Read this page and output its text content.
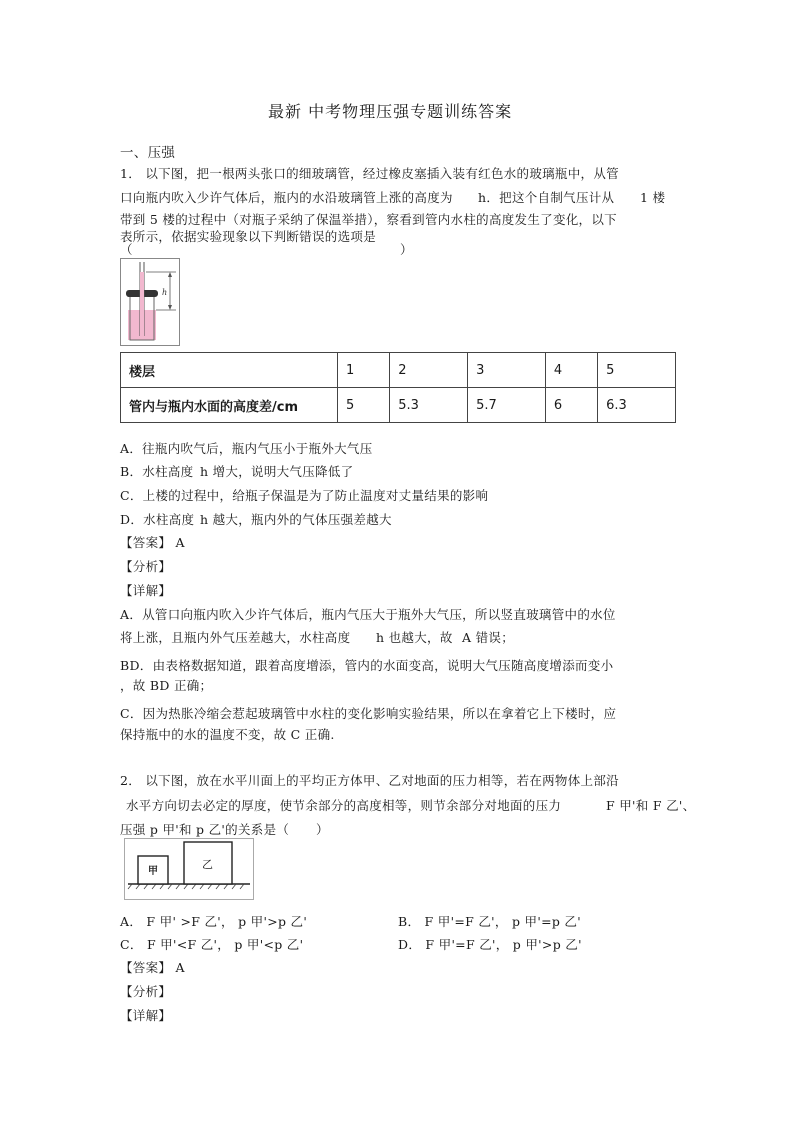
最新 中考物理压强专题训练答案
一、压强
1． 以下图，把一根两头张口的细玻璃管，经过橡皮塞插入装有红色水的玻璃瓶中，从管
口向瓶内吹入少许气体后，瓶内的水沿玻璃管上涨的高度为 h．把这个自制气压计从 1 楼
带到 5 楼的过程中（对瓶子采纳了保温举措），察看到管内水柱的高度发生了变化，以下
表所示，依据实验现象以下判断错误的选项是
（	）
h
楼层	1	2	3	4	5
管内与瓶内水面的高度差/cm	5	5.3	5.7	6	6.3
A．往瓶内吹气后，瓶内气压小于瓶外大气压
B．水柱高度 h 增大，说明大气压降低了
C．上楼的过程中，给瓶子保温是为了防止温度对丈量结果的影响
D．水柱高度 h 越大，瓶内外的气体压强差越大
【答案】 A
【分析】
【详解】
A．从管口向瓶内吹入少许气体后，瓶内气压大于瓶外大气压，所以竖直玻璃管中的水位
将上涨，且瓶内外气压差越大，水柱高度 h 也越大，故 A 错误；
BD．由表格数据知道，跟着高度增添，管内的水面变高，说明大气压随高度增添而变小
，故 BD 正确；
C．因为热胀冷缩会惹起玻璃管中水柱的变化影响实验结果，所以在拿着它上下楼时，应
保持瓶中的水的温度不变，故 C 正确.
2． 以下图，放在水平川面上的平均正方体甲、乙对地面的压力相等，若在两物体上部沿
水平方向切去必定的厚度，使节余部分的高度相等，则节余部分对地面的压力	F 甲'和 F 乙'、
压强 p 甲'和 p 乙'的关系是（ ）
甲
乙
A． F 甲' >F 乙'， p 甲'>p 乙'	B． F 甲'=F 乙'， p 甲'=p 乙'
C． F 甲'<F 乙'， p 甲'<p 乙'	D． F 甲'=F 乙'， p 甲'>p 乙'
【答案】 A
【分析】
【详解】
